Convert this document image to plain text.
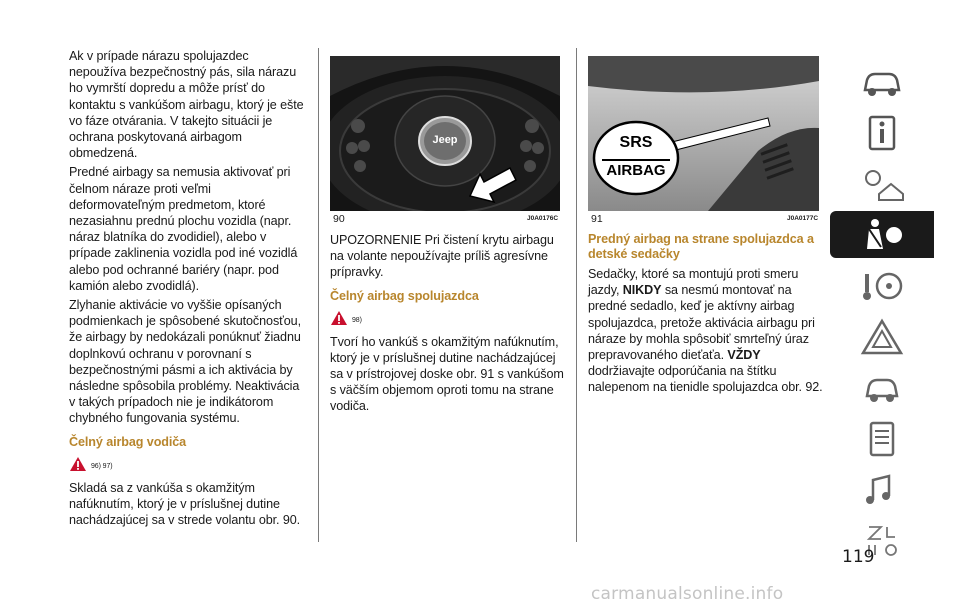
Ak v prípade nárazu spolujazdec nepoužíva bezpečnostný pás, sila nárazu ho vymrští dopredu a môže prísť do kontaktu s vankúšom airbagu, ktorý je ešte vo fáze otvárania. V takejto situácii je ochrana poskytovaná airbagom obmedzená.

Predné airbagy sa nemusia aktivovať pri čelnom náraze proti veľmi deformovateľným predmetom, ktoré nezasiahnu prednú plochu vozidla (napr. náraz blatníka do zvodidiel), alebo v prípade zaklinenia vozidla pod iné vozidlá alebo pod ochranné bariéry (napr. pod kamión alebo zvodidlá).

Zlyhanie aktivácie vo vyššie opísaných podmienkach je spôsobené skutočnosťou, že airbagy by nedokázali ponúknuť žiadnu doplnkovú ochranu v porovnaní s bezpečnostnými pásmi a ich aktivácia by následne spôsobila problémy. Neaktivácia v takých prípadoch nie je indikátorom chybného fungovania systému.

Čelný airbag vodiča
96) 97)

Skladá sa z vankúša s okamžitým nafúknutím, ktorý je v príslušnej dutine nachádzajúcej sa v strede volantu obr. 90.

Jeep
90	J0A0176C
SRS
AIRBAG
91	J0A0177C

UPOZORNENIE Pri čistení krytu airbagu na volante nepoužívajte príliš agresívne prípravky.

Čelný airbag spolujazdca
98)

Tvorí ho vankúš s okamžitým nafúknutím, ktorý je v príslušnej dutine nachádzajúcej sa v prístrojovej doske obr. 91 s vankúšom s väčším objemom oproti tomu na strane vodiča.

Predný airbag na strane spolujazdca a detské sedačky

Sedačky, ktoré sa montujú proti smeru jazdy, NIKDY sa nesmú montovať na predné sedadlo, keď je aktívny airbag spolujazdca, pretože aktivácia airbagu pri náraze by mohla spôsobiť smrteľný úraz prepravovaného dieťaťa. VŽDY dodržiavajte odporúčania na štítku nalepenom na tienidle spolujazdca obr. 92.

119
carmanualsonline.info
